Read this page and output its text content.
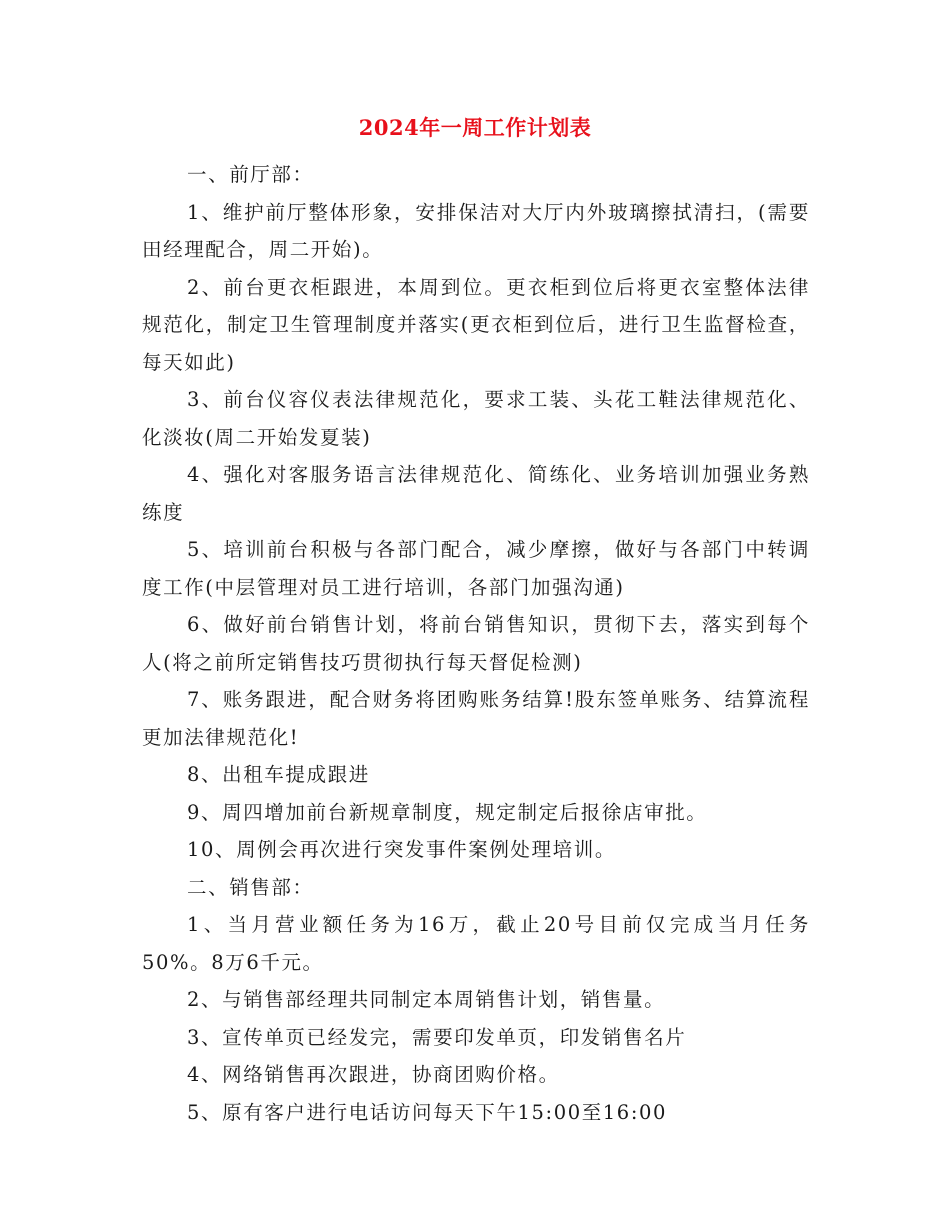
2024年一周工作计划表

一、前厅部：

1、维护前厅整体形象，安排保洁对大厅内外玻璃擦拭清扫，(需要田经理配合，周二开始)。

2、前台更衣柜跟进，本周到位。更衣柜到位后将更衣室整体法律规范化，制定卫生管理制度并落实(更衣柜到位后，进行卫生监督检查，每天如此)

3、前台仪容仪表法律规范化，要求工装、头花工鞋法律规范化、化淡妆(周二开始发夏装)

4、强化对客服务语言法律规范化、简练化、业务培训加强业务熟练度

5、培训前台积极与各部门配合，减少摩擦，做好与各部门中转调度工作(中层管理对员工进行培训，各部门加强沟通)

6、做好前台销售计划，将前台销售知识，贯彻下去，落实到每个人(将之前所定销售技巧贯彻执行每天督促检测)

7、账务跟进，配合财务将团购账务结算!股东签单账务、结算流程更加法律规范化!

8、出租车提成跟进

9、周四增加前台新规章制度，规定制定后报徐店审批。

10、周例会再次进行突发事件案例处理培训。

二、销售部：

1、当月营业额任务为16万，截止20号目前仅完成当月任务50%。8万6千元。

2、与销售部经理共同制定本周销售计划，销售量。

3、宣传单页已经发完，需要印发单页，印发销售名片

4、网络销售再次跟进，协商团购价格。

5、原有客户进行电话访问每天下午15:00至16:00
